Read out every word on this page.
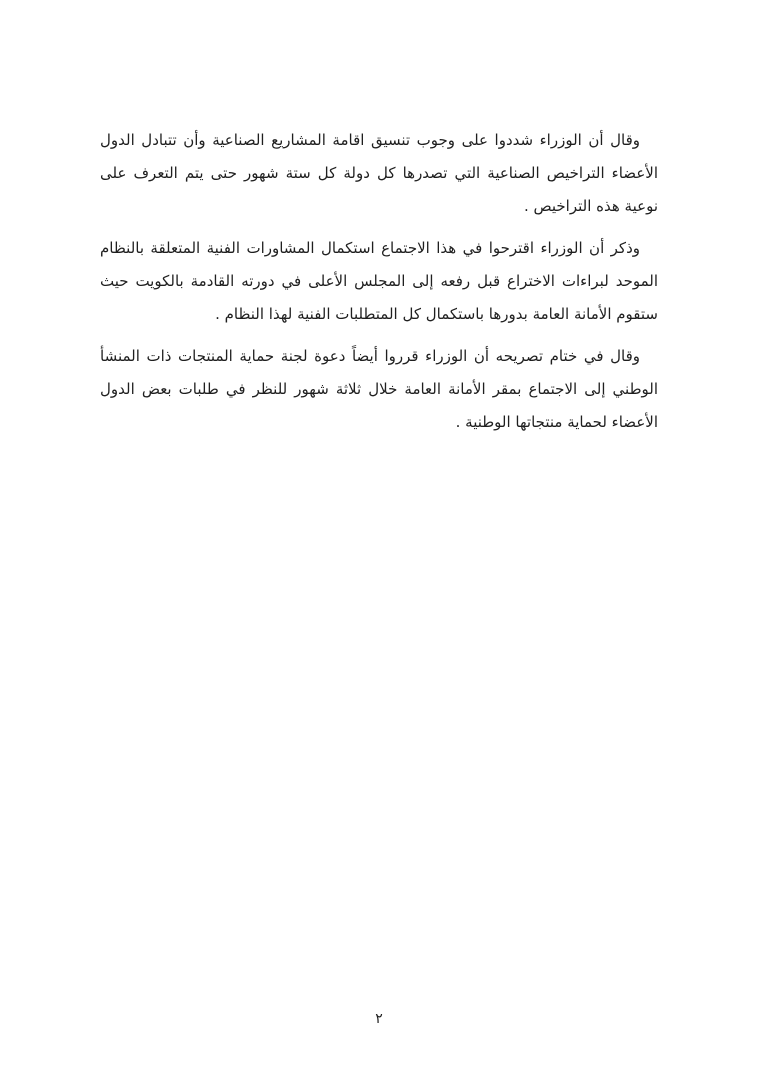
وقال أن الوزراء شددوا على وجوب تنسيق اقامة المشاريع الصناعية وأن تتبادل الدول الأعضاء التراخيص الصناعية التي تصدرها كل دولة كل ستة شهور حتى يتم التعرف على نوعية هذه التراخيص .

وذكر أن الوزراء اقترحوا في هذا الاجتماع استكمال المشاورات الفنية المتعلقة بالنظام الموحد لبراءات الاختراع قبل رفعه إلى المجلس الأعلى في دورته القادمة بالكويت حيث ستقوم الأمانة العامة بدورها باستكمال كل المتطلبات الفنية لهذا النظام .

وقال في ختام تصريحه أن الوزراء قرروا أيضاً دعوة لجنة حماية المنتجات ذات المنشأ الوطني إلى الاجتماع بمقر الأمانة العامة خلال ثلاثة شهور للنظر في طلبات بعض الدول الأعضاء لحماية منتجاتها الوطنية .

٢
